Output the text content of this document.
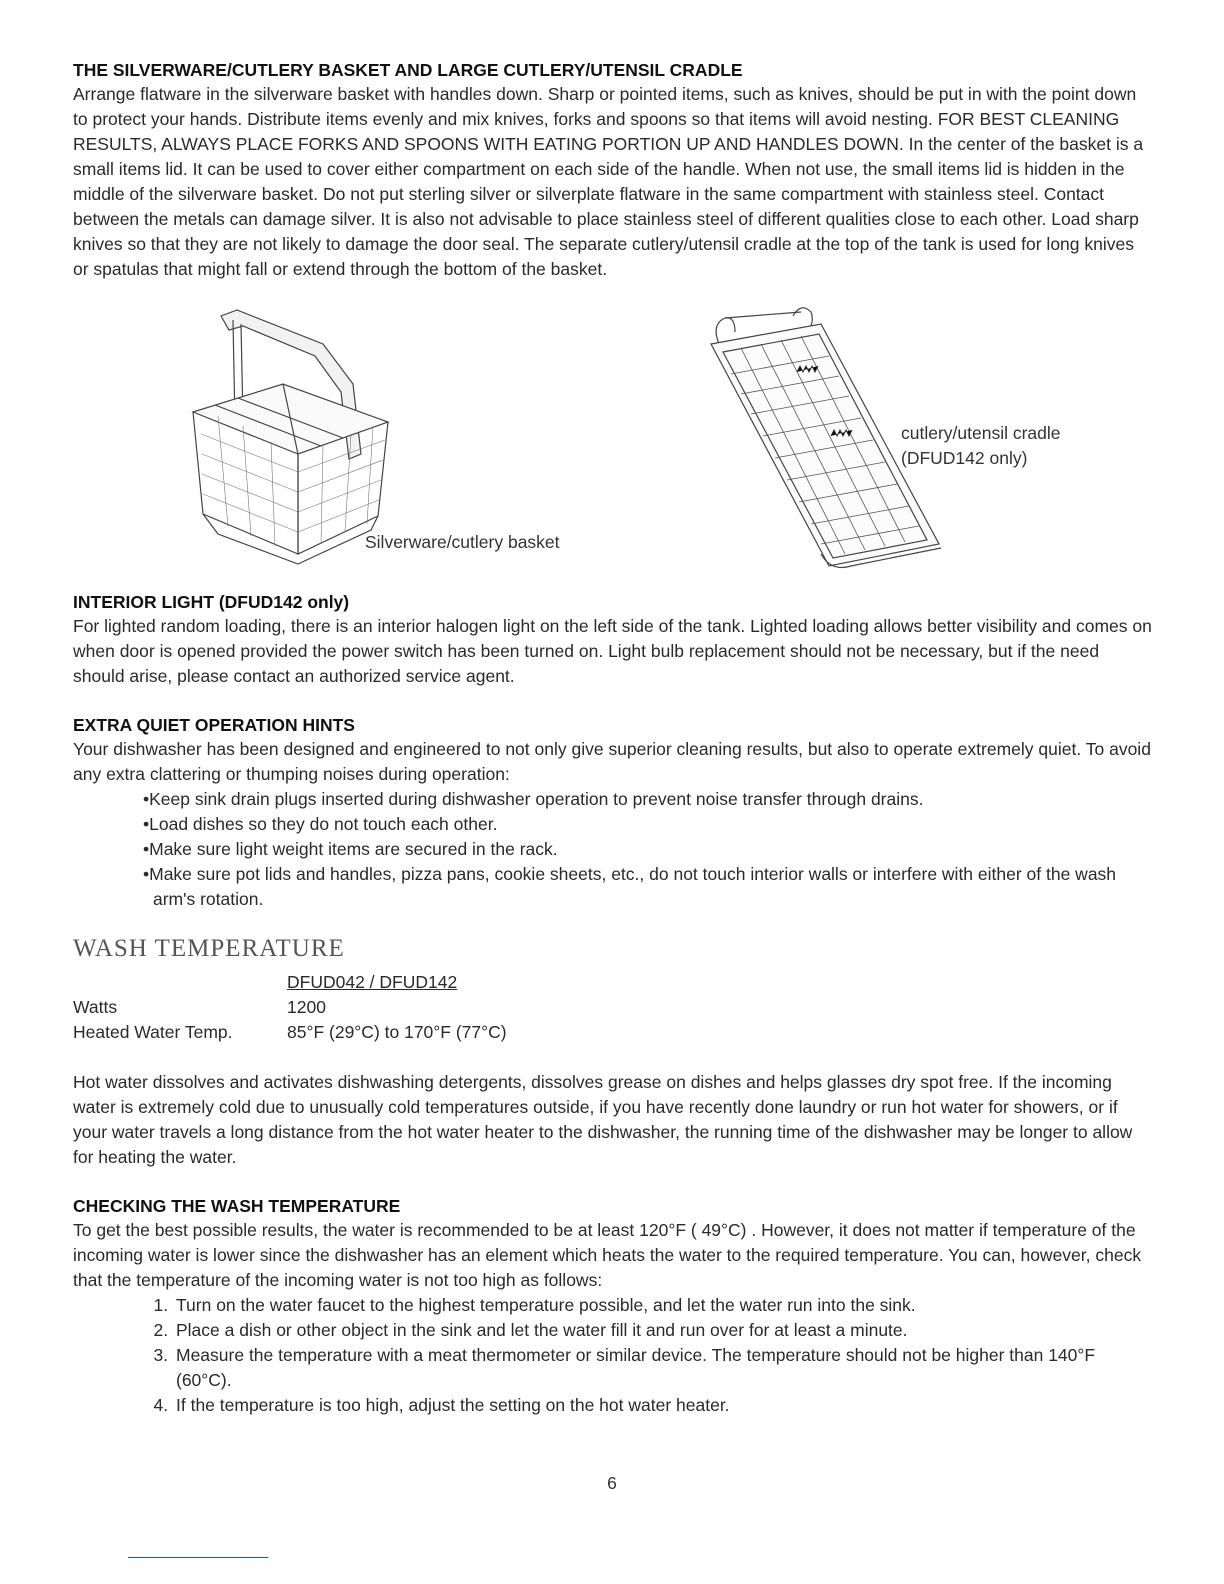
THE SILVERWARE/CUTLERY BASKET AND LARGE CUTLERY/UTENSIL CRADLE

Arrange flatware in the silverware basket with handles down. Sharp or pointed items, such as knives, should be put in with the point down to protect your hands. Distribute items evenly and mix knives, forks and spoons so that items will avoid nesting. FOR BEST CLEANING RESULTS, ALWAYS PLACE FORKS AND SPOONS WITH EATING PORTION UP AND HANDLES DOWN. In the center of the basket is a small items lid. It can be used to cover either compartment on each side of the handle. When not use, the small items lid is hidden in the middle of the silverware basket. Do not put sterling silver or silverplate flatware in the same compartment with stainless steel. Contact between the metals can damage silver. It is also not advisable to place stainless steel of different qualities close to each other. Load sharp knives so that they are not likely to damage the door seal. The separate cutlery/utensil cradle at the top of the tank is used for long knives or spatulas that might fall or extend through the bottom of the basket.

Silverware/cutlery basket
cutlery/utensil cradle
(DFUD142 only)
INTERIOR LIGHT (DFUD142 only)

For lighted random loading, there is an interior halogen light on the left side of the tank. Lighted loading allows better visibility and comes on when door is opened provided the power switch has been turned on. Light bulb replacement should not be necessary, but if the need should arise, please contact an authorized service agent.

EXTRA QUIET OPERATION HINTS

Your dishwasher has been designed and engineered to not only give superior cleaning results, but also to operate extremely quiet. To avoid any extra clattering or thumping noises during operation:

•Keep sink drain plugs inserted during dishwasher operation to prevent noise transfer through drains.
•Load dishes so they do not touch each other.
•Make sure light weight items are secured in the rack.
•Make sure pot lids and handles, pizza pans, cookie sheets, etc., do not touch interior walls or interfere with either of the wash arm's rotation.
WASH TEMPERATURE
	DFUD042 / DFUD142
Watts	1200
Heated Water Temp.	85°F (29°C) to 170°F (77°C)

Hot water dissolves and activates dishwashing detergents, dissolves grease on dishes and helps glasses dry spot free. If the incoming water is extremely cold due to unusually cold temperatures outside, if you have recently done laundry or run hot water for showers, or if your water travels a long distance from the hot water heater to the dishwasher, the running time of the dishwasher may be longer to allow for heating the water.

CHECKING THE WASH TEMPERATURE

To get the best possible results, the water is recommended to be at least 120°F ( 49°C) . However, it does not matter if temperature of the incoming water is lower since the dishwasher has an element which heats the water to the required temperature. You can, however, check that the temperature of the incoming water is not too high as follows:

1. Turn on the water faucet to the highest temperature possible, and let the water run into the sink.
2. Place a dish or other object in the sink and let the water fill it and run over for at least a minute.
3. Measure the temperature with a meat thermometer or similar device. The temperature should not be higher than 140°F (60°C).
4. If the temperature is too high, adjust the setting on the hot water heater.
6
